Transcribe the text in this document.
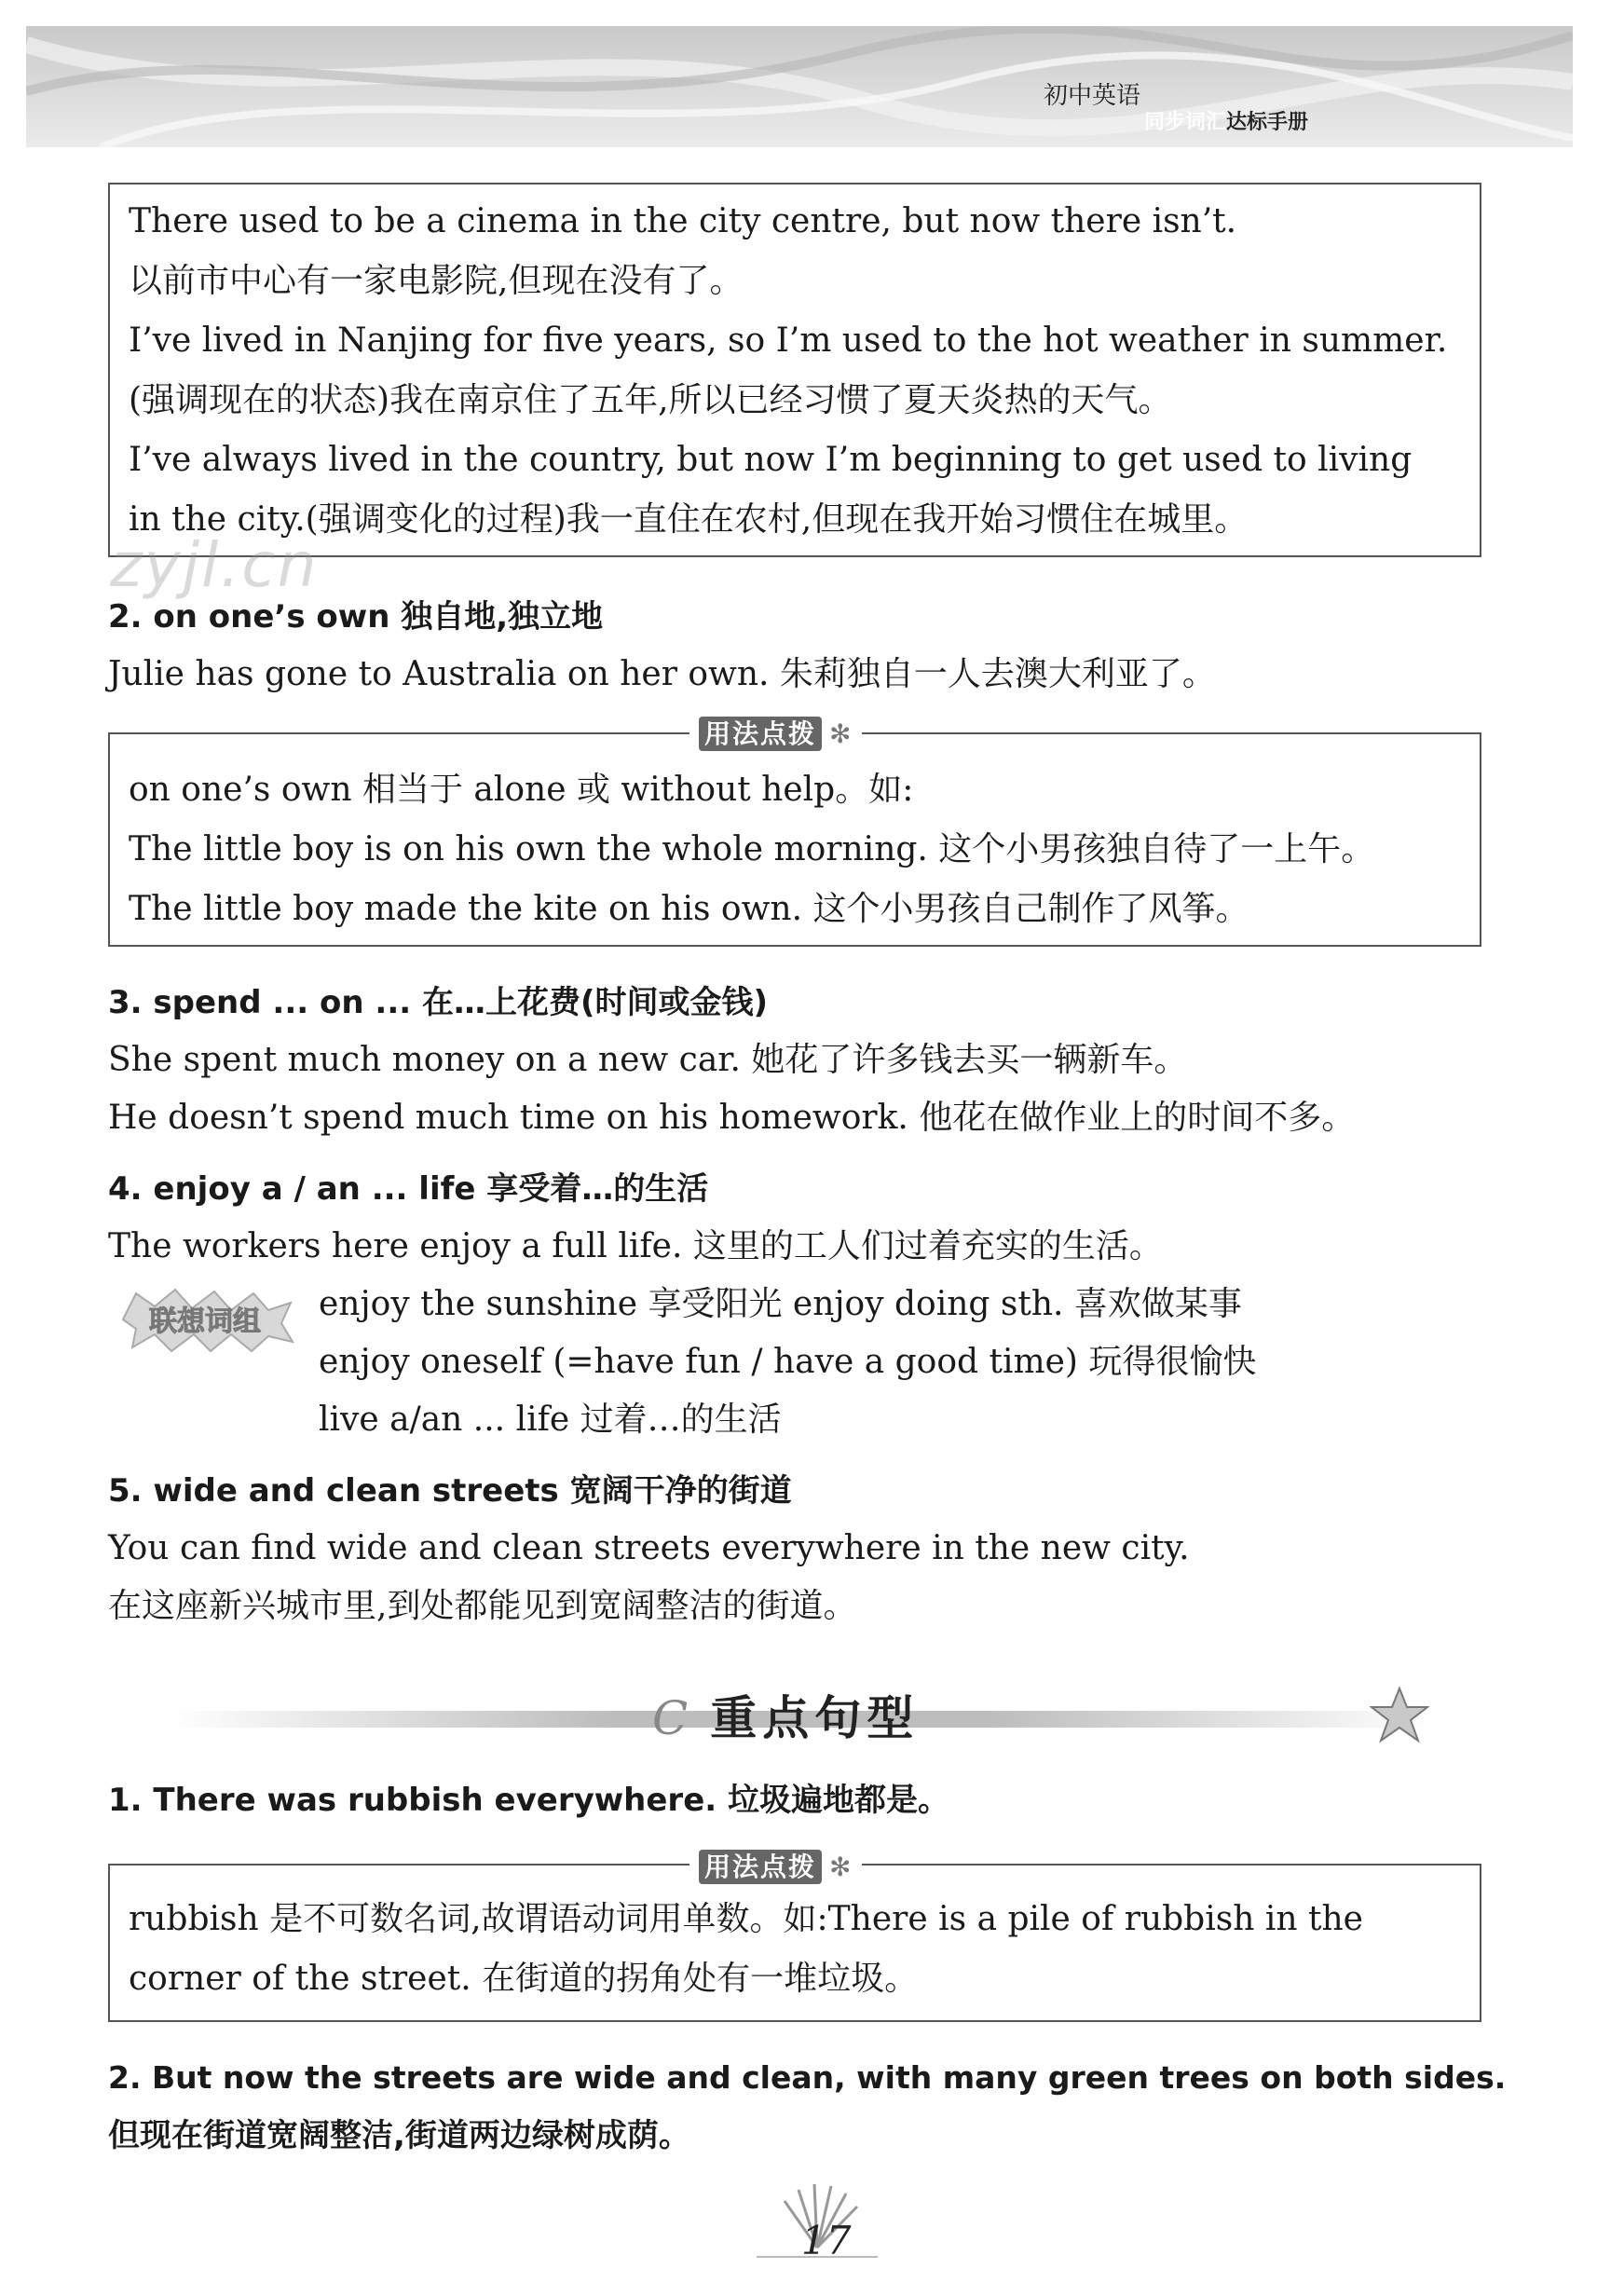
初中英语
同步词汇达标手册
There used to be a cinema in the city centre, but now there isn’t.
以前市中心有一家电影院,但现在没有了。
I’ve lived in Nanjing for five years, so I’m used to the hot weather in summer.
(强调现在的状态)我在南京住了五年,所以已经习惯了夏天炎热的天气。
I’ve always lived in the country, but now I’m beginning to get used to living
in the city.(强调变化的过程)我一直住在农村,但现在我开始习惯住在城里。
zyjl.cn
2. on one’s own 独自地,独立地
Julie has gone to Australia on her own. 朱莉独自一人去澳大利亚了。
on one’s own 相当于 alone 或 without help。如:
The little boy is on his own the whole morning. 这个小男孩独自待了一上午。
The little boy made the kite on his own. 这个小男孩自己制作了风筝。
用法点拨 ✻
3. spend ... on ... 在…上花费(时间或金钱)
She spent much money on a new car. 她花了许多钱去买一辆新车。
He doesn’t spend much time on his homework. 他花在做作业上的时间不多。
4. enjoy a / an ... life 享受着…的生活
The workers here enjoy a full life. 这里的工人们过着充实的生活。
联想词组 enjoy the sunshine 享受阳光 enjoy doing sth. 喜欢做某事
enjoy oneself (=have fun / have a good time) 玩得很愉快
live a/an ... life 过着…的生活
5. wide and clean streets 宽阔干净的街道
You can find wide and clean streets everywhere in the new city.
在这座新兴城市里,到处都能见到宽阔整洁的街道。
C 重点句型
1. There was rubbish everywhere. 垃圾遍地都是。
rubbish 是不可数名词,故谓语动词用单数。如:There is a pile of rubbish in the
corner of the street. 在街道的拐角处有一堆垃圾。
用法点拨 ✻
2. But now the streets are wide and clean, with many green trees on both sides.
但现在街道宽阔整洁,街道两边绿树成荫。
17
